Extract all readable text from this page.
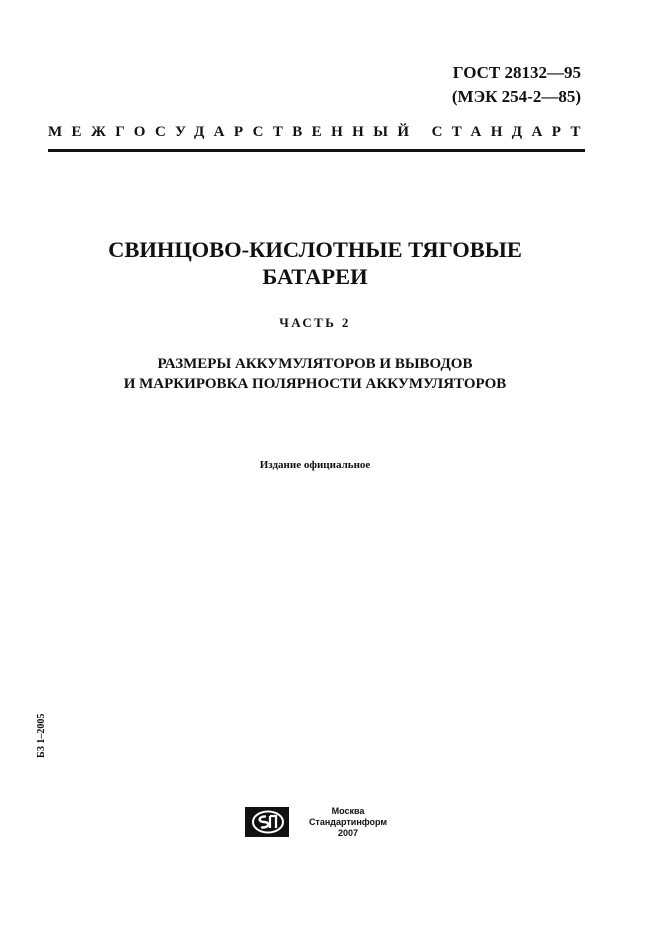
ГОСТ 28132—95
(МЭК 254-2—85)
МЕЖГОСУДАРСТВЕННЫЙ СТАНДАРТ
СВИНЦОВО-КИСЛОТНЫЕ ТЯГОВЫЕ
БАТАРЕИ
ЧАСТЬ 2
РАЗМЕРЫ АККУМУЛЯТОРОВ И ВЫВОДОВ
И МАРКИРОВКА ПОЛЯРНОСТИ АККУМУЛЯТОРОВ
Издание официальное
БЗ 1–2005
Москва
Стандартинформ
2007
